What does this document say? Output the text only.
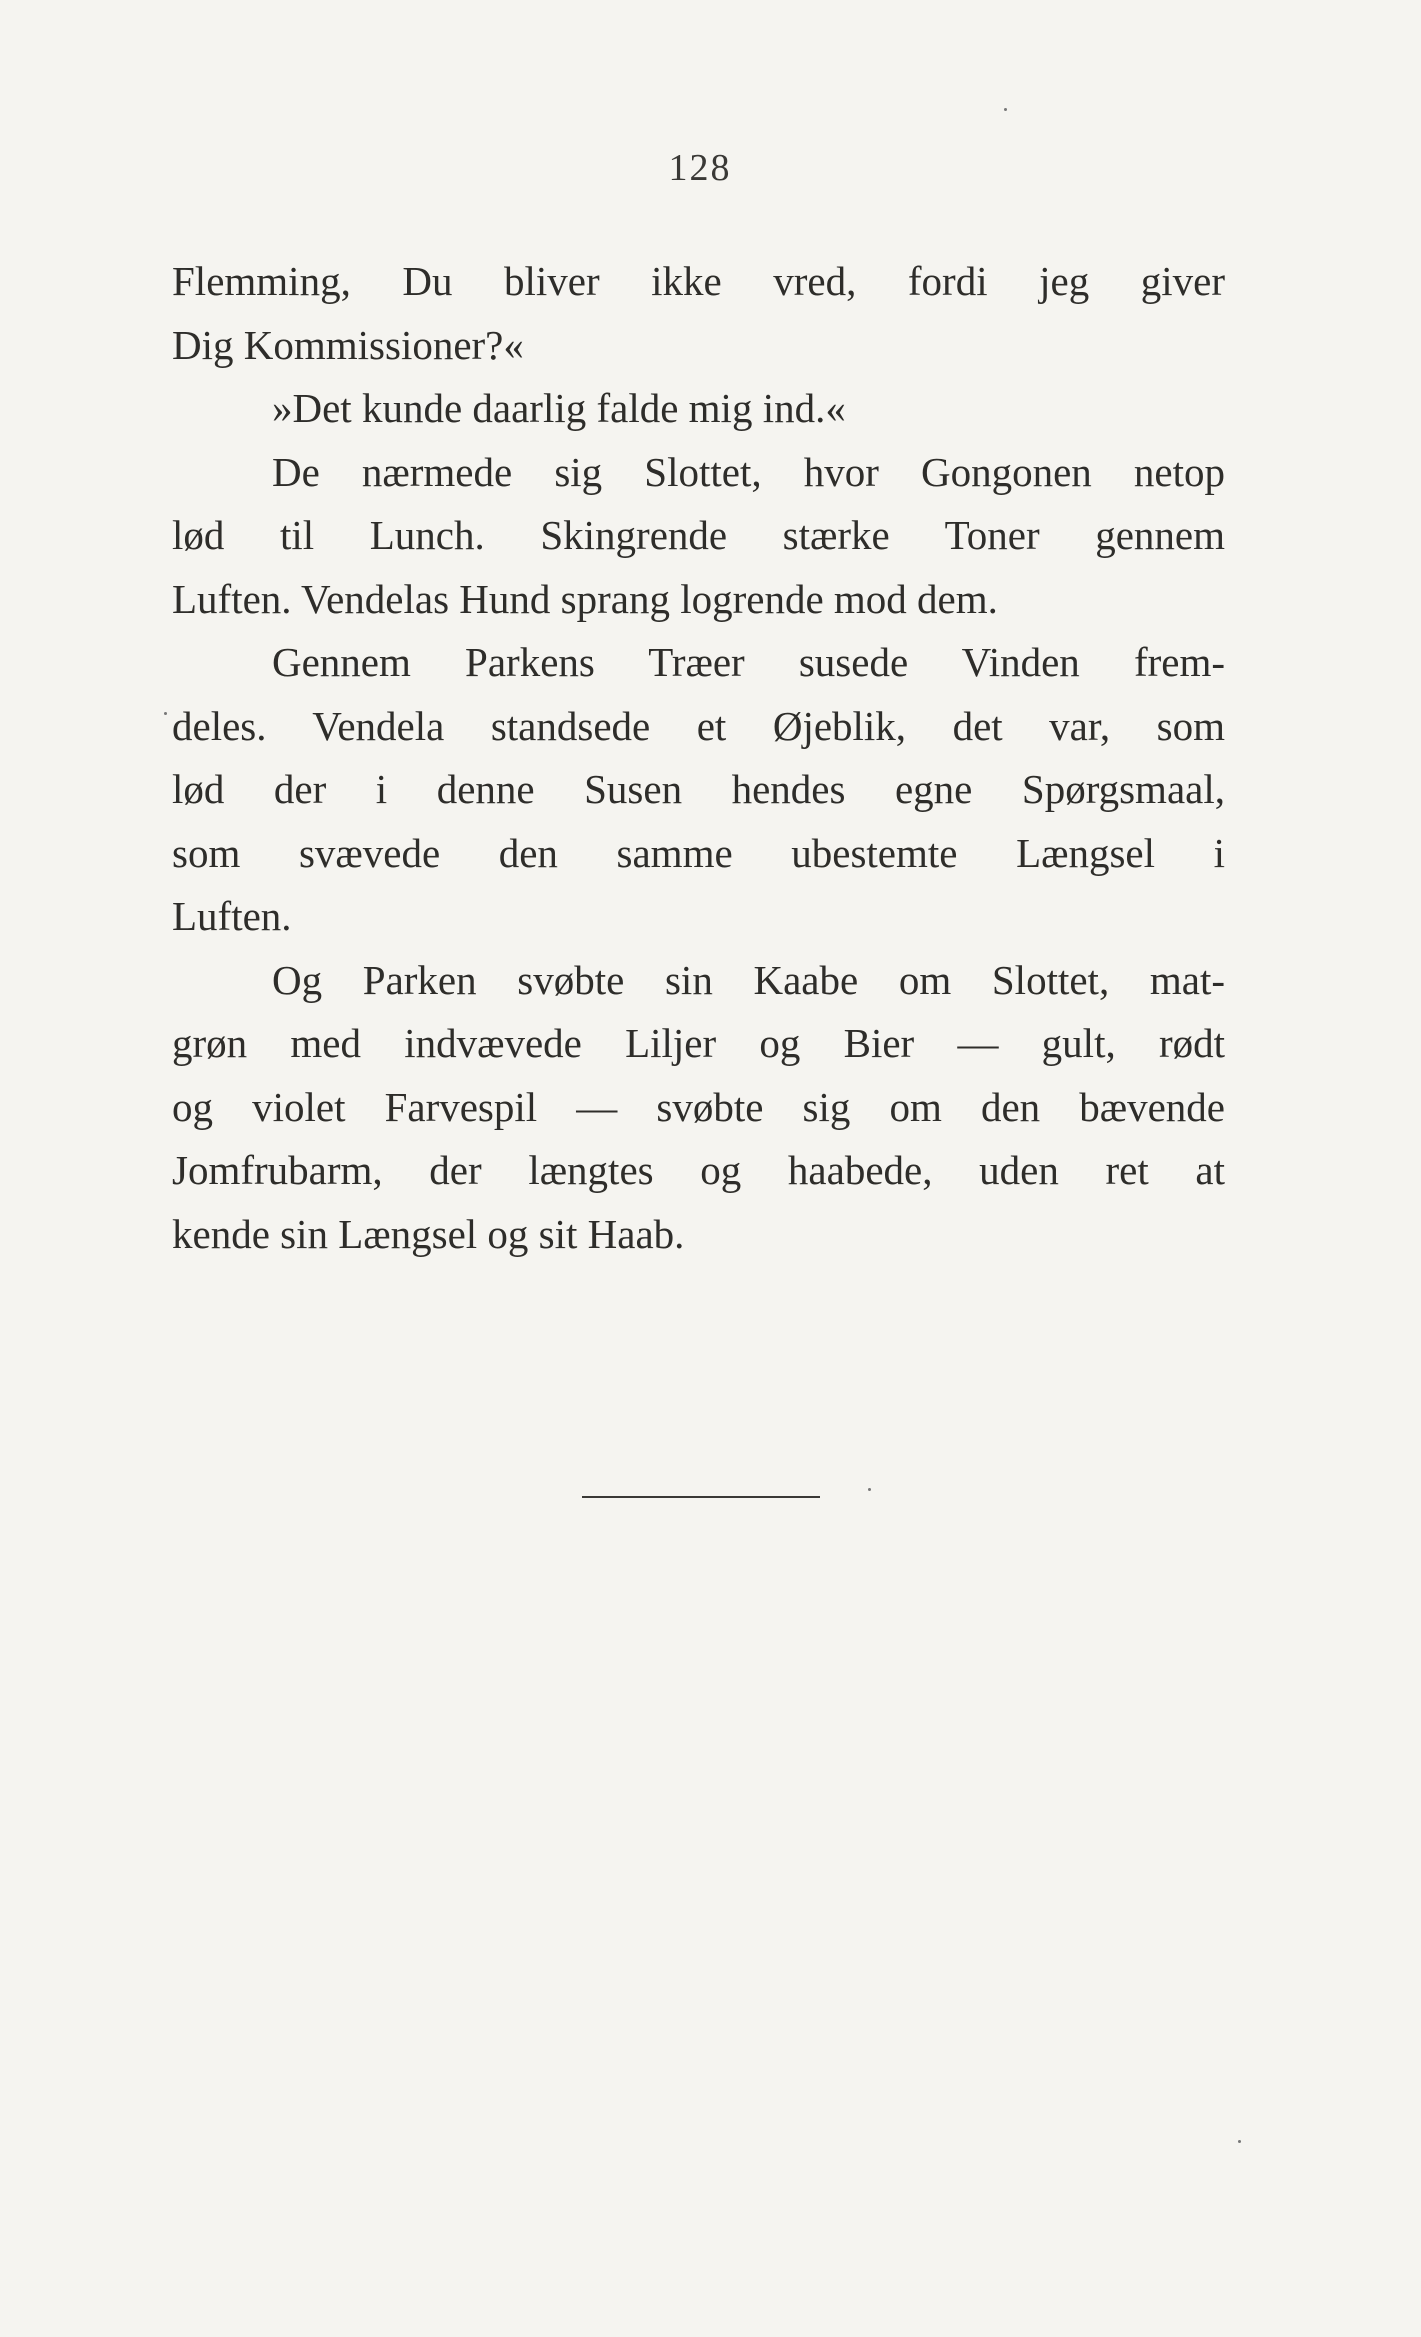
128
Flemming, Du bliver ikke vred, fordi jeg giver
Dig Kommissioner?«
»Det kunde daarlig falde mig ind.«
De nærmede sig Slottet, hvor Gongonen netop
lød til Lunch. Skingrende stærke Toner gennem
Luften. Vendelas Hund sprang logrende mod dem.
Gennem Parkens Træer susede Vinden frem-
deles. Vendela standsede et Øjeblik, det var, som
lød der i denne Susen hendes egne Spørgsmaal,
som svævede den samme ubestemte Længsel i
Luften.
Og Parken svøbte sin Kaabe om Slottet, mat-
grøn med indvævede Liljer og Bier — gult, rødt
og violet Farvespil — svøbte sig om den bævende
Jomfrubarm, der længtes og haabede, uden ret at
kende sin Længsel og sit Haab.
